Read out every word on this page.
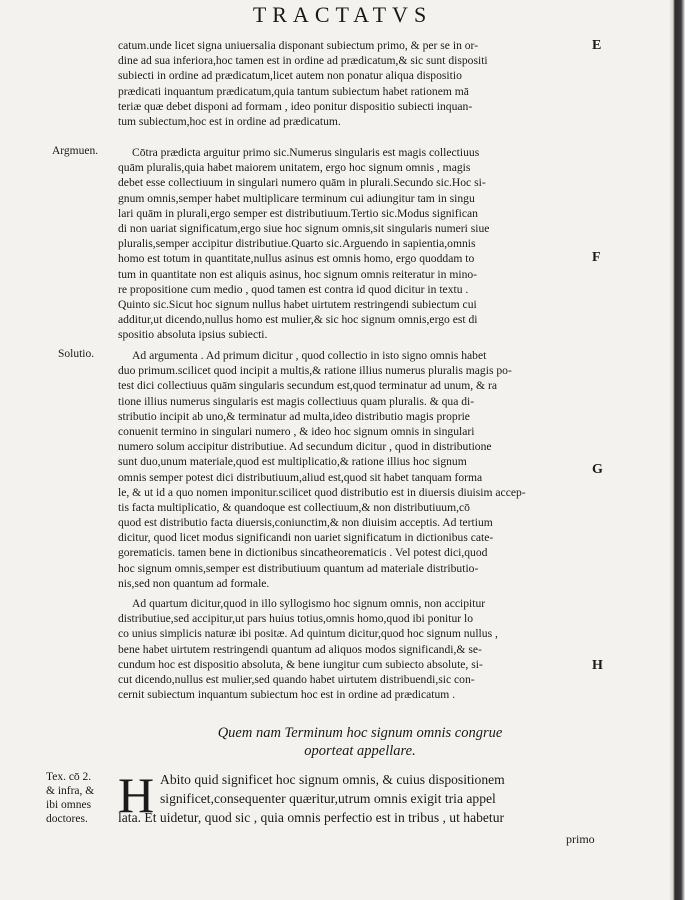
TRACTATVS
catum.unde licet signa uniuersalia disponant subiectum primo, & per se in or-
dine ad sua inferiora,hoc tamen est in ordine ad prædicatum,& sic sunt dispositi
subiecti in ordine ad prædicatum,licet autem non ponatur aliqua dispositio
prædicati inquantum prædicatum,quia tantum subiectum habet rationem mā
teriæ quæ debet disponi ad formam , ideo ponitur dispositio subiecti inquan-
tum subiectum,hoc est in ordine ad prædicatum.
Argmuen.	Cōtra prædicta arguitur primo sic.Numerus singularis est magis collectiuus
quām pluralis,quia habet maiorem unitatem, ergo hoc signum omnis , magis
debet esse collectiuum in singulari numero quām in plurali.Secundo sic.Hoc si-
gnum omnis,semper habet multiplicare terminum cui adiungitur tam in singu
lari quām in plurali,ergo semper est distributiuum.Tertio sic.Modus significan
di non uariat significatum,ergo siue hoc signum omnis,sit singularis numeri siue
pluralis,semper accipitur distributiue.Quarto sic.Arguendo in sapientia,omnis
homo est totum in quantitate,nullus asinus est omnis homo, ergo quoddam to
tum in quantitate non est aliquis asinus, hoc signum omnis reiteratur in mino-
re propositione cum medio , quod tamen est contra id quod dicitur in textu .
Quinto sic.Sicut hoc signum nullus habet uirtutem restringendi subiectum cui
additur,ut dicendo,nullus homo est mulier,& sic hoc signum omnis,ergo est di
spositio absoluta ipsius subiecti.
Solutio.	Ad argumenta . Ad primum dicitur , quod collectio in isto signo omnis habet
duo primum.scilicet quod incipit a multis,& ratione illius numerus pluralis magis po-
test dici collectiuus quām singularis secundum est,quod terminatur ad unum, & ra
tione illius numerus singularis est magis collectiuus quam pluralis. & qua di-
stributio incipit ab uno,& terminatur ad multa,ideo distributio magis proprie
conuenit termino in singulari numero , & ideo hoc signum omnis in singulari
numero solum accipitur distributiue. Ad secundum dicitur , quod in distributione
sunt duo,unum materiale,quod est multiplicatio,& ratione illius hoc signum
omnis semper potest dici distributiuum,aliud est,quod sit habet tanquam forma
le, & ut id a quo nomen imponitur.scilicet quod distributio est in diuersis diuisim accep-
tis facta multiplicatio, & quandoque est collectiuum,& non distributiuum,cō
quod est distributio facta diuersis,coniunctim,& non diuisim acceptis. Ad tertium
dicitur, quod licet modus significandi non uariet significatum in dictionibus cate-
gorematicis. tamen bene in dictionibus sincatheorematicis . Vel potest dici,quod
hoc signum omnis,semper est distributiuum quantum ad materiale distributio-
nis,sed non quantum ad formale.
Ad quartum dicitur,quod in illo syllogismo hoc signum omnis, non accipitur
distributiue,sed accipitur,ut pars huius totius,omnis homo,quod ibi ponitur lo
co unius simplicis naturæ ibi positæ. Ad quintum dicitur,quod hoc signum nullus ,
bene habet uirtutem restringendi quantum ad aliquos modos significandi,& se-
cundum hoc est dispositio absoluta, & bene iungitur cum subiecto absolute, si-
cut dicendo,nullus est mulier,sed quando habet uirtutem distribuendi,sic con-
cernit subiectum inquantum subiectum hoc est in ordine ad prædicatum .
E
F
G
H
Quem nam Terminum hoc signum omnis congrue
oporteat appellare.
Tex. cō 2.
& infra, &
ibi omnes
doctores. H Abito quid significet hoc signum omnis, & cuius dispositionem
significet,consequenter quæritur,utrum omnis exigit tria appel
lata. Et uidetur, quod sic , quia omnis perfectio est in tribus , ut habetur
primo
